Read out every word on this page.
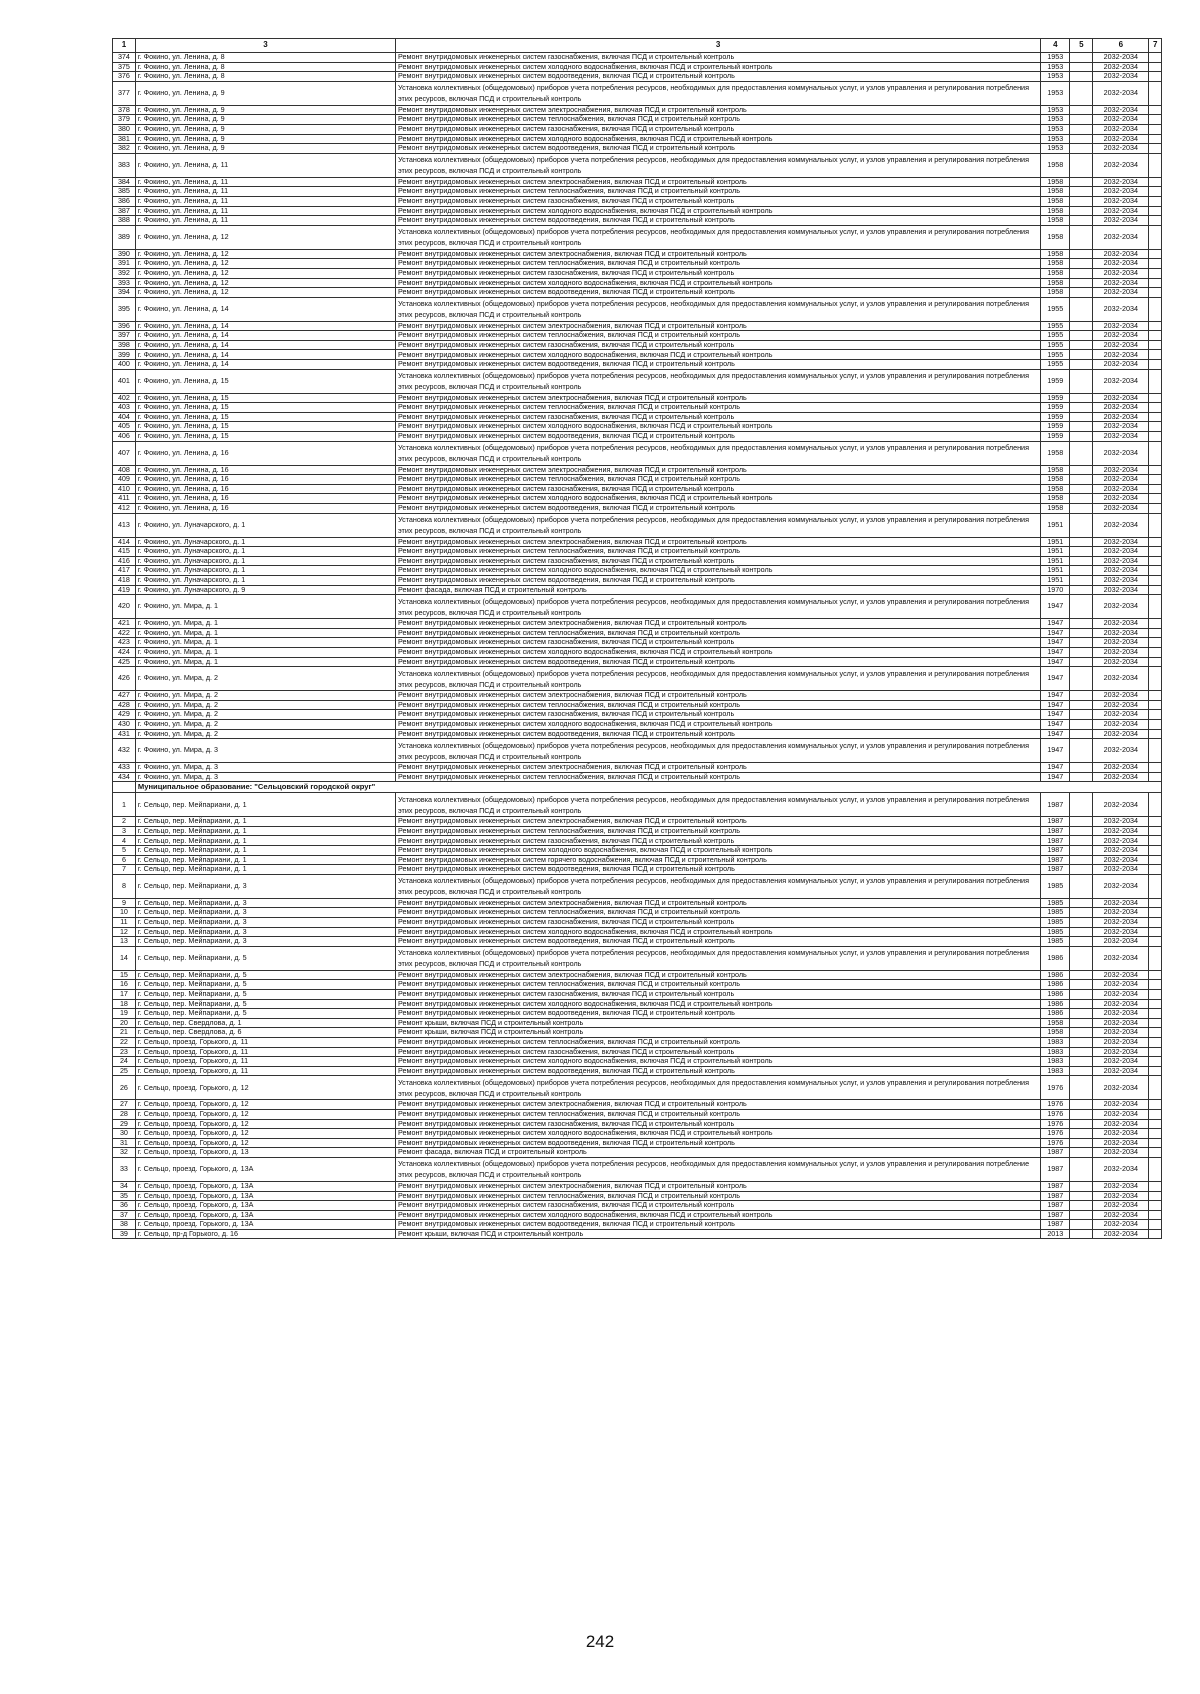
1	3	3	4	5	6	7
374	г. Фокино, ул. Ленина, д. 8	Ремонт внутридомовых инженерных систем газоснабжения, включая ПСД и строительный контроль	1953		2032-2034	
375	г. Фокино, ул. Ленина, д. 8	Ремонт внутридомовых инженерных систем холодного водоснабжения, включая ПСД и строительный контроль	1953		2032-2034	
376	г. Фокино, ул. Ленина, д. 8	Ремонт внутридомовых инженерных систем водоотведения, включая ПСД и строительный контроль	1953		2032-2034	
377	г. Фокино, ул. Ленина, д. 9	Установка коллективных (общедомовых) приборов учета потребления ресурсов, необходимых для предоставления коммунальных услуг, и узлов управления и регулирования потребления этих ресурсов, включая ПСД и строительный контроль	1953		2032-2034	
378	г. Фокино, ул. Ленина, д. 9	Ремонт внутридомовых инженерных систем электроснабжения, включая ПСД и строительный контроль	1953		2032-2034	
379	г. Фокино, ул. Ленина, д. 9	Ремонт внутридомовых инженерных систем теплоснабжения, включая ПСД и строительный контроль	1953		2032-2034	
380	г. Фокино, ул. Ленина, д. 9	Ремонт внутридомовых инженерных систем газоснабжения, включая ПСД и строительный контроль	1953		2032-2034	
381	г. Фокино, ул. Ленина, д. 9	Ремонт внутридомовых инженерных систем холодного водоснабжения, включая ПСД и строительный контроль	1953		2032-2034	
382	г. Фокино, ул. Ленина, д. 9	Ремонт внутридомовых инженерных систем водоотведения, включая ПСД и строительный контроль	1953		2032-2034	
383	г. Фокино, ул. Ленина, д. 11	Установка коллективных (общедомовых) приборов учета потребления ресурсов, необходимых для предоставления коммунальных услуг, и узлов управления и регулирования потребления этих ресурсов, включая ПСД и строительный контроль	1958		2032-2034	
384	г. Фокино, ул. Ленина, д. 11	Ремонт внутридомовых инженерных систем электроснабжения, включая ПСД и строительный контроль	1958		2032-2034	
385	г. Фокино, ул. Ленина, д. 11	Ремонт внутридомовых инженерных систем теплоснабжения, включая ПСД и строительный контроль	1958		2032-2034	
386	г. Фокино, ул. Ленина, д. 11	Ремонт внутридомовых инженерных систем газоснабжения, включая ПСД и строительный контроль	1958		2032-2034	
387	г. Фокино, ул. Ленина, д. 11	Ремонт внутридомовых инженерных систем холодного водоснабжения, включая ПСД и строительный контроль	1958		2032-2034	
388	г. Фокино, ул. Ленина, д. 11	Ремонт внутридомовых инженерных систем водоотведения, включая ПСД и строительный контроль	1958		2032-2034	
389	г. Фокино, ул. Ленина, д. 12	Установка коллективных (общедомовых) приборов учета потребления ресурсов, необходимых для предоставления коммунальных услуг, и узлов управления и регулирования потребления этих ресурсов, включая ПСД и строительный контроль	1958		2032-2034	
390	г. Фокино, ул. Ленина, д. 12	Ремонт внутридомовых инженерных систем электроснабжения, включая ПСД и строительный контроль	1958		2032-2034	
391	г. Фокино, ул. Ленина, д. 12	Ремонт внутридомовых инженерных систем теплоснабжения, включая ПСД и строительный контроль	1958		2032-2034	
392	г. Фокино, ул. Ленина, д. 12	Ремонт внутридомовых инженерных систем газоснабжения, включая ПСД и строительный контроль	1958		2032-2034	
393	г. Фокино, ул. Ленина, д. 12	Ремонт внутридомовых инженерных систем холодного водоснабжения, включая ПСД и строительный контроль	1958		2032-2034	
394	г. Фокино, ул. Ленина, д. 12	Ремонт внутридомовых инженерных систем водоотведения, включая ПСД и строительный контроль	1958		2032-2034	
395	г. Фокино, ул. Ленина, д. 14	Установка коллективных (общедомовых) приборов учета потребления ресурсов, необходимых для предоставления коммунальных услуг, и узлов управления и регулирования потребления этих ресурсов, включая ПСД и строительный контроль	1955		2032-2034	
396	г. Фокино, ул. Ленина, д. 14	Ремонт внутридомовых инженерных систем электроснабжения, включая ПСД и строительный контроль	1955		2032-2034	
397	г. Фокино, ул. Ленина, д. 14	Ремонт внутридомовых инженерных систем теплоснабжения, включая ПСД и строительный контроль	1955		2032-2034	
398	г. Фокино, ул. Ленина, д. 14	Ремонт внутридомовых инженерных систем газоснабжения, включая ПСД и строительный контроль	1955		2032-2034	
399	г. Фокино, ул. Ленина, д. 14	Ремонт внутридомовых инженерных систем холодного водоснабжения, включая ПСД и строительный контроль	1955		2032-2034	
400	г. Фокино, ул. Ленина, д. 14	Ремонт внутридомовых инженерных систем водоотведения, включая ПСД и строительный контроль	1955		2032-2034	
401	г. Фокино, ул. Ленина, д. 15	Установка коллективных (общедомовых) приборов учета потребления ресурсов, необходимых для предоставления коммунальных услуг, и узлов управления и регулирования потребления этих ресурсов, включая ПСД и строительный контроль	1959		2032-2034	
402	г. Фокино, ул. Ленина, д. 15	Ремонт внутридомовых инженерных систем электроснабжения, включая ПСД и строительный контроль	1959		2032-2034	
403	г. Фокино, ул. Ленина, д. 15	Ремонт внутридомовых инженерных систем теплоснабжения, включая ПСД и строительный контроль	1959		2032-2034	
404	г. Фокино, ул. Ленина, д. 15	Ремонт внутридомовых инженерных систем газоснабжения, включая ПСД и строительный контроль	1959		2032-2034	
405	г. Фокино, ул. Ленина, д. 15	Ремонт внутридомовых инженерных систем холодного водоснабжения, включая ПСД и строительный контроль	1959		2032-2034	
406	г. Фокино, ул. Ленина, д. 15	Ремонт внутридомовых инженерных систем водоотведения, включая ПСД и строительный контроль	1959		2032-2034	
407	г. Фокино, ул. Ленина, д. 16	Установка коллективных (общедомовых) приборов учета потребления ресурсов, необходимых для предоставления коммунальных услуг, и узлов управления и регулирования потребления этих ресурсов, включая ПСД и строительный контроль	1958		2032-2034	
408	г. Фокино, ул. Ленина, д. 16	Ремонт внутридомовых инженерных систем электроснабжения, включая ПСД и строительный контроль	1958		2032-2034	
409	г. Фокино, ул. Ленина, д. 16	Ремонт внутридомовых инженерных систем теплоснабжения, включая ПСД и строительный контроль	1958		2032-2034	
410	г. Фокино, ул. Ленина, д. 16	Ремонт внутридомовых инженерных систем газоснабжения, включая ПСД и строительный контроль	1958		2032-2034	
411	г. Фокино, ул. Ленина, д. 16	Ремонт внутридомовых инженерных систем холодного водоснабжения, включая ПСД и строительный контроль	1958		2032-2034	
412	г. Фокино, ул. Ленина, д. 16	Ремонт внутридомовых инженерных систем водоотведения, включая ПСД и строительный контроль	1958		2032-2034	
413	г. Фокино, ул. Луначарского, д. 1	Установка коллективных (общедомовых) приборов учета потребления ресурсов, необходимых для предоставления коммунальных услуг, и узлов управления и регулирования потребления этих ресурсов, включая ПСД и строительный контроль	1951		2032-2034	
414	г. Фокино, ул. Луначарского, д. 1	Ремонт внутридомовых инженерных систем электроснабжения, включая ПСД и строительный контроль	1951		2032-2034	
415	г. Фокино, ул. Луначарского, д. 1	Ремонт внутридомовых инженерных систем теплоснабжения, включая ПСД и строительный контроль	1951		2032-2034	
416	г. Фокино, ул. Луначарского, д. 1	Ремонт внутридомовых инженерных систем газоснабжения, включая ПСД и строительный контроль	1951		2032-2034	
417	г. Фокино, ул. Луначарского, д. 1	Ремонт внутридомовых инженерных систем холодного водоснабжения, включая ПСД и строительный контроль	1951		2032-2034	
418	г. Фокино, ул. Луначарского, д. 1	Ремонт внутридомовых инженерных систем водоотведения, включая ПСД и строительный контроль	1951		2032-2034	
419	г. Фокино, ул. Луначарского, д. 9	Ремонт фасада, включая ПСД и строительный контроль	1970		2032-2034	
420	г. Фокино, ул. Мира, д. 1	Установка коллективных (общедомовых) приборов учета потребления ресурсов, необходимых для предоставления коммунальных услуг, и узлов управления и регулирования потребления этих ресурсов, включая ПСД и строительный контроль	1947		2032-2034	
421	г. Фокино, ул. Мира, д. 1	Ремонт внутридомовых инженерных систем электроснабжения, включая ПСД и строительный контроль	1947		2032-2034	
422	г. Фокино, ул. Мира, д. 1	Ремонт внутридомовых инженерных систем теплоснабжения, включая ПСД и строительный контроль	1947		2032-2034	
423	г. Фокино, ул. Мира, д. 1	Ремонт внутридомовых инженерных систем газоснабжения, включая ПСД и строительный контроль	1947		2032-2034	
424	г. Фокино, ул. Мира, д. 1	Ремонт внутридомовых инженерных систем холодного водоснабжения, включая ПСД и строительный контроль	1947		2032-2034	
425	г. Фокино, ул. Мира, д. 1	Ремонт внутридомовых инженерных систем водоотведения, включая ПСД и строительный контроль	1947		2032-2034	
426	г. Фокино, ул. Мира, д. 2	Установка коллективных (общедомовых) приборов учета потребления ресурсов, необходимых для предоставления коммунальных услуг, и узлов управления и регулирования потребления этих ресурсов, включая ПСД и строительный контроль	1947		2032-2034	
427	г. Фокино, ул. Мира, д. 2	Ремонт внутридомовых инженерных систем электроснабжения, включая ПСД и строительный контроль	1947		2032-2034	
428	г. Фокино, ул. Мира, д. 2	Ремонт внутридомовых инженерных систем теплоснабжения, включая ПСД и строительный контроль	1947		2032-2034	
429	г. Фокино, ул. Мира, д. 2	Ремонт внутридомовых инженерных систем газоснабжения, включая ПСД и строительный контроль	1947		2032-2034	
430	г. Фокино, ул. Мира, д. 2	Ремонт внутридомовых инженерных систем холодного водоснабжения, включая ПСД и строительный контроль	1947		2032-2034	
431	г. Фокино, ул. Мира, д. 2	Ремонт внутридомовых инженерных систем водоотведения, включая ПСД и строительный контроль	1947		2032-2034	
432	г. Фокино, ул. Мира, д. 3	Установка коллективных (общедомовых) приборов учета потребления ресурсов, необходимых для предоставления коммунальных услуг, и узлов управления и регулирования потребления этих ресурсов, включая ПСД и строительный контроль	1947		2032-2034	
433	г. Фокино, ул. Мира, д. 3	Ремонт внутридомовых инженерных систем электроснабжения, включая ПСД и строительный контроль	1947		2032-2034	
434	г. Фокино, ул. Мира, д. 3	Ремонт внутридомовых инженерных систем теплоснабжения, включая ПСД и строительный контроль	1947		2032-2034	
	Муниципальное образование: "Сельцовский городской округ"					
1	г. Сельцо, пер. Мейпариани, д. 1	Установка коллективных (общедомовых) приборов учета потребления ресурсов, необходимых для предоставления коммунальных услуг, и узлов управления и регулирования потребления этих ресурсов, включая ПСД и строительный контроль	1987		2032-2034	
2	г. Сельцо, пер. Мейпариани, д. 1	Ремонт внутридомовых инженерных систем электроснабжения, включая ПСД и строительный контроль	1987		2032-2034	
3	г. Сельцо, пер. Мейпариани, д. 1	Ремонт внутридомовых инженерных систем теплоснабжения, включая ПСД и строительный контроль	1987		2032-2034	
4	г. Сельцо, пер. Мейпариани, д. 1	Ремонт внутридомовых инженерных систем газоснабжения, включая ПСД и строительный контроль	1987		2032-2034	
5	г. Сельцо, пер. Мейпариани, д. 1	Ремонт внутридомовых инженерных систем холодного водоснабжения, включая ПСД и строительный контроль	1987		2032-2034	
6	г. Сельцо, пер. Мейпариани, д. 1	Ремонт внутридомовых инженерных систем горячего водоснабжения, включая ПСД и строительный контроль	1987		2032-2034	
7	г. Сельцо, пер. Мейпариани, д. 1	Ремонт внутридомовых инженерных систем водоотведения, включая ПСД и строительный контроль	1987		2032-2034	
8	г. Сельцо, пер. Мейпариани, д. 3	Установка коллективных (общедомовых) приборов учета потребления ресурсов, необходимых для предоставления коммунальных услуг, и узлов управления и регулирования потребления этих ресурсов, включая ПСД и строительный контроль	1985		2032-2034	
9	г. Сельцо, пер. Мейпариани, д. 3	Ремонт внутридомовых инженерных систем электроснабжения, включая ПСД и строительный контроль	1985		2032-2034	
10	г. Сельцо, пер. Мейпариани, д. 3	Ремонт внутридомовых инженерных систем теплоснабжения, включая ПСД и строительный контроль	1985		2032-2034	
11	г. Сельцо, пер. Мейпариани, д. 3	Ремонт внутридомовых инженерных систем газоснабжения, включая ПСД и строительный контроль	1985		2032-2034	
12	г. Сельцо, пер. Мейпариани, д. 3	Ремонт внутридомовых инженерных систем холодного водоснабжения, включая ПСД и строительный контроль	1985		2032-2034	
13	г. Сельцо, пер. Мейпариани, д. 3	Ремонт внутридомовых инженерных систем водоотведения, включая ПСД и строительный контроль	1985		2032-2034	
14	г. Сельцо, пер. Мейпариани, д. 5	Установка коллективных (общедомовых) приборов учета потребления ресурсов, необходимых для предоставления коммунальных услуг, и узлов управления и регулирования потребления этих ресурсов, включая ПСД и строительный контроль	1986		2032-2034	
15	г. Сельцо, пер. Мейпариани, д. 5	Ремонт внутридомовых инженерных систем электроснабжения, включая ПСД и строительный контроль	1986		2032-2034	
16	г. Сельцо, пер. Мейпариани, д. 5	Ремонт внутридомовых инженерных систем теплоснабжения, включая ПСД и строительный контроль	1986		2032-2034	
17	г. Сельцо, пер. Мейпариани, д. 5	Ремонт внутридомовых инженерных систем газоснабжения, включая ПСД и строительный контроль	1986		2032-2034	
18	г. Сельцо, пер. Мейпариани, д. 5	Ремонт внутридомовых инженерных систем холодного водоснабжения, включая ПСД и строительный контроль	1986		2032-2034	
19	г. Сельцо, пер. Мейпариани, д. 5	Ремонт внутридомовых инженерных систем водоотведения, включая ПСД и строительный контроль	1986		2032-2034	
20	г. Сельцо, пер. Свердлова, д. 1	Ремонт крыши, включая ПСД и строительный контроль	1958		2032-2034	
21	г. Сельцо, пер. Свердлова, д. 6	Ремонт крыши, включая ПСД и строительный контроль	1958		2032-2034	
22	г. Сельцо, проезд. Горького, д. 11	Ремонт внутридомовых инженерных систем теплоснабжения, включая ПСД и строительный контроль	1983		2032-2034	
23	г. Сельцо, проезд. Горького, д. 11	Ремонт внутридомовых инженерных систем газоснабжения, включая ПСД и строительный контроль	1983		2032-2034	
24	г. Сельцо, проезд. Горького, д. 11	Ремонт внутридомовых инженерных систем холодного водоснабжения, включая ПСД и строительный контроль	1983		2032-2034	
25	г. Сельцо, проезд. Горького, д. 11	Ремонт внутридомовых инженерных систем водоотведения, включая ПСД и строительный контроль	1983		2032-2034	
26	г. Сельцо, проезд. Горького, д. 12	Установка коллективных (общедомовых) приборов учета потребления ресурсов, необходимых для предоставления коммунальных услуг, и узлов управления и регулирования потребления этих ресурсов, включая ПСД и строительный контроль	1976		2032-2034	
27	г. Сельцо, проезд. Горького, д. 12	Ремонт внутридомовых инженерных систем электроснабжения, включая ПСД и строительный контроль	1976		2032-2034	
28	г. Сельцо, проезд. Горького, д. 12	Ремонт внутридомовых инженерных систем теплоснабжения, включая ПСД и строительный контроль	1976		2032-2034	
29	г. Сельцо, проезд. Горького, д. 12	Ремонт внутридомовых инженерных систем газоснабжения, включая ПСД и строительный контроль	1976		2032-2034	
30	г. Сельцо, проезд. Горького, д. 12	Ремонт внутридомовых инженерных систем холодного водоснабжения, включая ПСД и строительный контроль	1976		2032-2034	
31	г. Сельцо, проезд. Горького, д. 12	Ремонт внутридомовых инженерных систем водоотведения, включая ПСД и строительный контроль	1976		2032-2034	
32	г. Сельцо, проезд. Горького, д. 13	Ремонт фасада, включая ПСД и строительный контроль	1987		2032-2034	
33	г. Сельцо, проезд. Горького, д. 13А	Установка коллективных (общедомовых) приборов учета потребления ресурсов, необходимых для предоставления коммунальных услуг, и узлов управления и регулирования потребление этих ресурсов, включая ПСД и строительный контроль	1987		2032-2034	
34	г. Сельцо, проезд. Горького, д. 13А	Ремонт внутридомовых инженерных систем электроснабжения, включая ПСД и строительный контроль	1987		2032-2034	
35	г. Сельцо, проезд. Горького, д. 13А	Ремонт внутридомовых инженерных систем теплоснабжения, включая ПСД и строительный контроль	1987		2032-2034	
36	г. Сельцо, проезд. Горького, д. 13А	Ремонт внутридомовых инженерных систем газоснабжения, включая ПСД и строительный контроль	1987		2032-2034	
37	г. Сельцо, проезд. Горького, д. 13А	Ремонт внутридомовых инженерных систем холодного водоснабжения, включая ПСД и строительный контроль	1987		2032-2034	
38	г. Сельцо, проезд. Горького, д. 13А	Ремонт внутридомовых инженерных систем водоотведения, включая ПСД и строительный контроль	1987		2032-2034	
39	г. Сельцо, пр-д Горького, д. 16	Ремонт крыши, включая ПСД и строительный контроль	2013		2032-2034	
242
